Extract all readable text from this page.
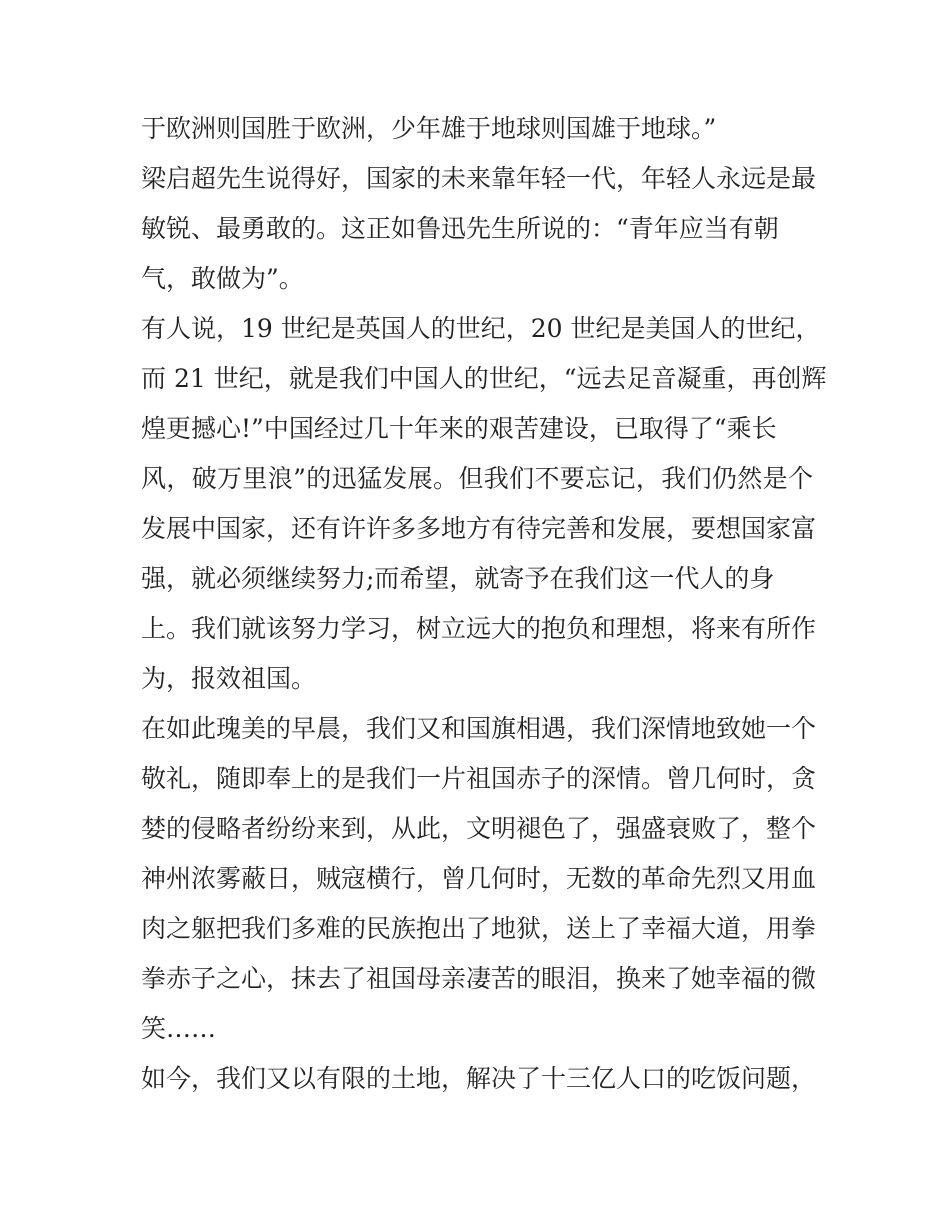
于欧洲则国胜于欧洲，少年雄于地球则国雄于地球。”
梁启超先生说得好，国家的未来靠年轻一代，年轻人永远是最
敏锐、最勇敢的。这正如鲁迅先生所说的：“青年应当有朝
气，敢做为”。
有人说，19 世纪是英国人的世纪，20 世纪是美国人的世纪，
而 21 世纪，就是我们中国人的世纪，“远去足音凝重，再创辉
煌更撼心!”中国经过几十年来的艰苦建设，已取得了“乘长
风，破万里浪”的迅猛发展。但我们不要忘记，我们仍然是个
发展中国家，还有许许多多地方有待完善和发展，要想国家富
强，就必须继续努力;而希望，就寄予在我们这一代人的身
上。我们就该努力学习，树立远大的抱负和理想，将来有所作
为，报效祖国。
在如此瑰美的早晨，我们又和国旗相遇，我们深情地致她一个
敬礼，随即奉上的是我们一片祖国赤子的深情。曾几何时，贪
婪的侵略者纷纷来到，从此，文明褪色了，强盛衰败了，整个
神州浓雾蔽日，贼寇横行，曾几何时，无数的革命先烈又用血
肉之躯把我们多难的民族抱出了地狱，送上了幸福大道，用拳
拳赤子之心，抹去了祖国母亲凄苦的眼泪，换来了她幸福的微
笑……
如今，我们又以有限的土地，解决了十三亿人口的吃饭问题，
